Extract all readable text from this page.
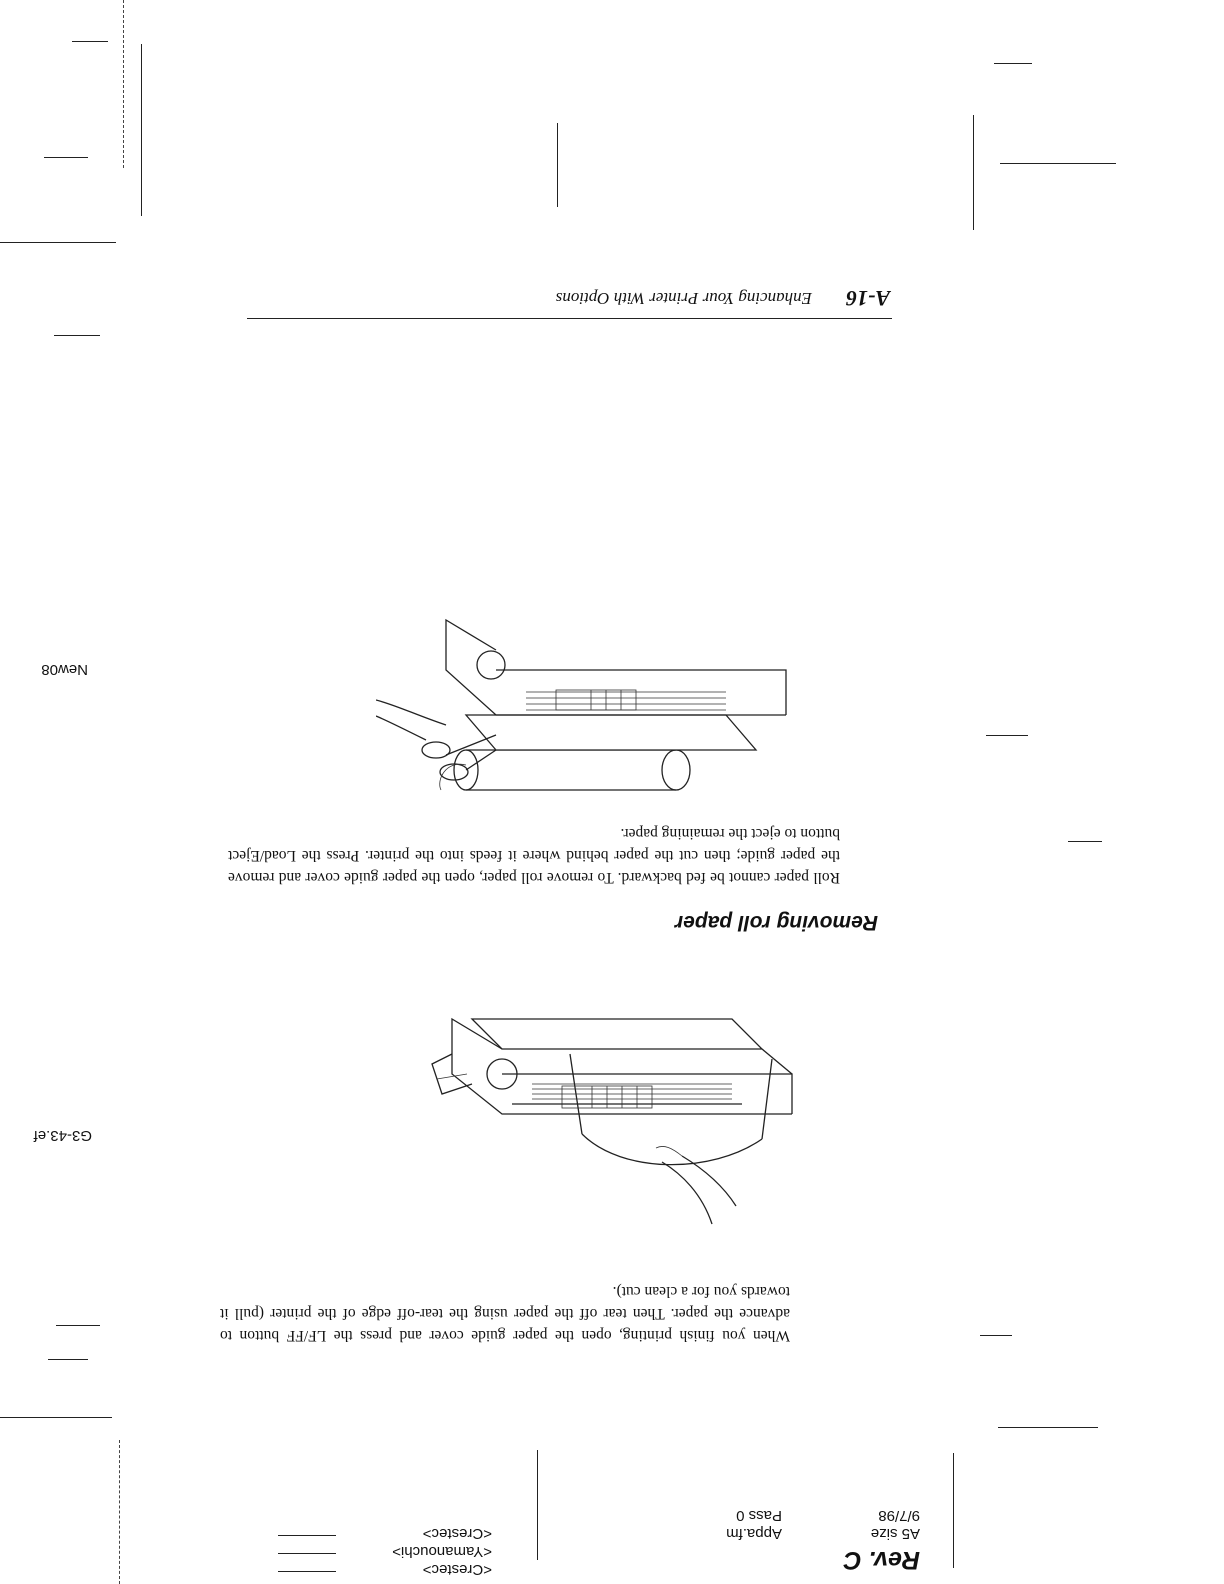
Rev. C
A5 size
9/7/98
Appa.fm
Pass 0
<Crestec>
<Yamanouchi>
<Crestec>
When you finish printing, open the paper guide cover and press the LF/FF button to advance the paper. Then tear off the paper using the tear-off edge of the printer (pull it towards you for a clean cut).
Removing roll paper
Roll paper cannot be fed backward. To remove roll paper, open the paper guide cover and remove the paper guide; then cut the paper behind where it feeds into the printer. Press the Load/Eject button to eject the remaining paper.
G3-43.ef
New08
A-16
Enhancing Your Printer With Options
